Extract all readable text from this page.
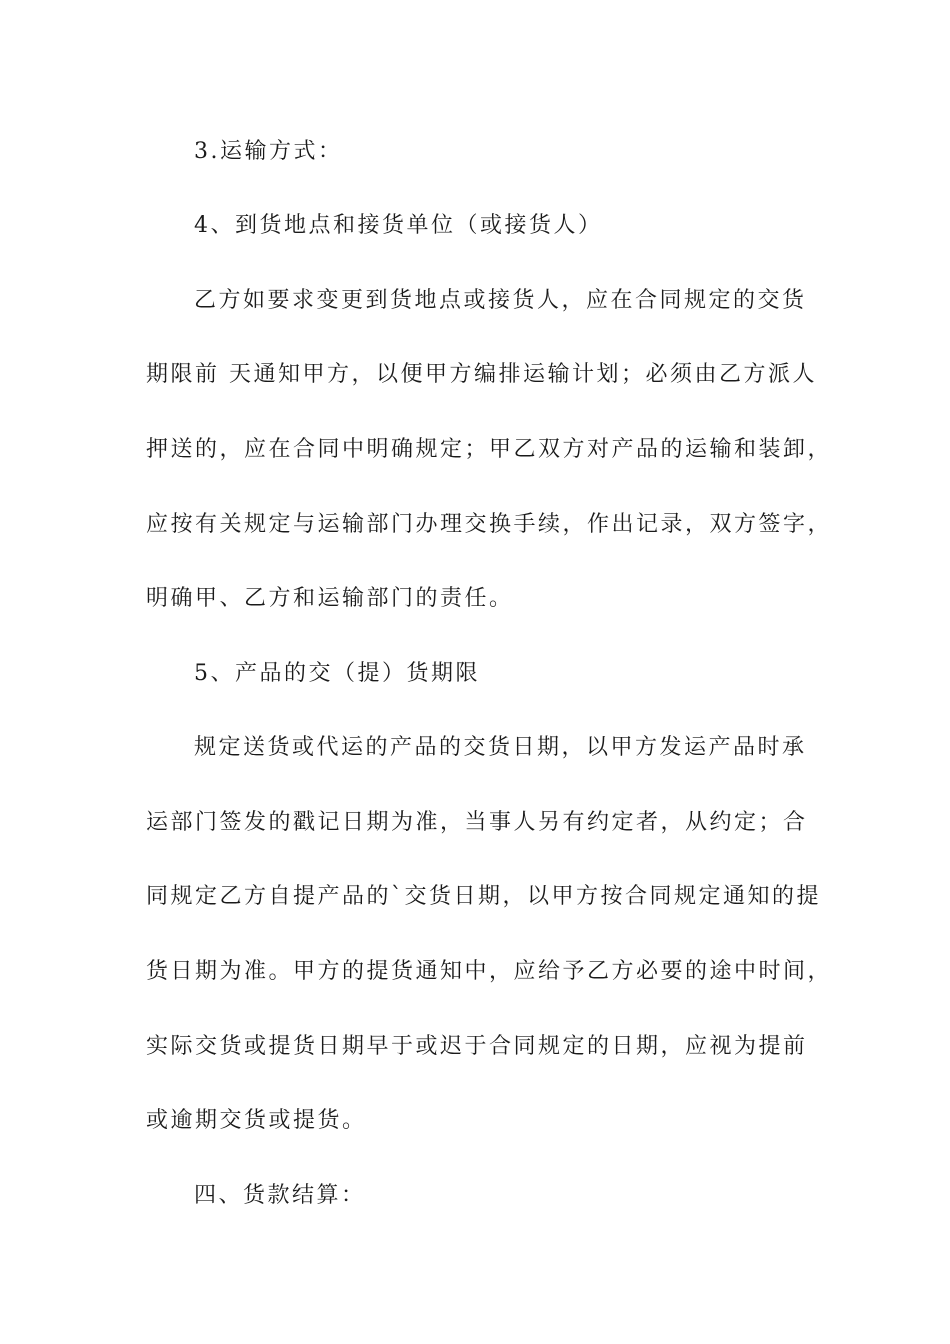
3.运输方式：
4、到货地点和接货单位（或接货人）
乙方如要求变更到货地点或接货人，应在合同规定的交货
期限前 天通知甲方，以便甲方编排运输计划；必须由乙方派人
押送的，应在合同中明确规定；甲乙双方对产品的运输和装卸，
应按有关规定与运输部门办理交换手续，作出记录，双方签字，
明确甲、乙方和运输部门的责任。
5、产品的交（提）货期限
规定送货或代运的产品的交货日期，以甲方发运产品时承
运部门签发的戳记日期为准，当事人另有约定者，从约定；合
同规定乙方自提产品的`交货日期，以甲方按合同规定通知的提
货日期为准。甲方的提货通知中，应给予乙方必要的途中时间，
实际交货或提货日期早于或迟于合同规定的日期，应视为提前
或逾期交货或提货。
四、货款结算：
